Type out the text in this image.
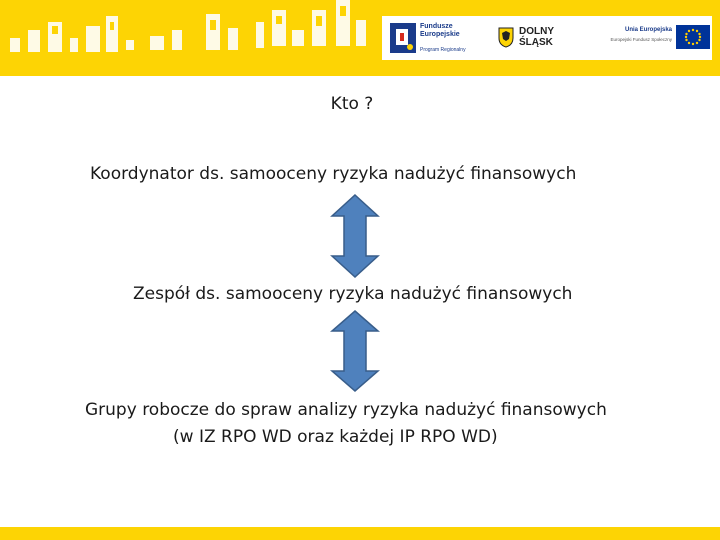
Fundusze
Europejskie
Program Regionalny
DOLNY
ŚLĄSK
Unia Europejska
Europejski Fundusz Społeczny
Kto ?
Koordynator ds. samooceny ryzyka nadużyć finansowych
Zespół ds. samooceny ryzyka nadużyć finansowych
Grupy robocze do spraw analizy ryzyka nadużyć finansowych
(w IZ RPO WD oraz każdej IP RPO WD)
